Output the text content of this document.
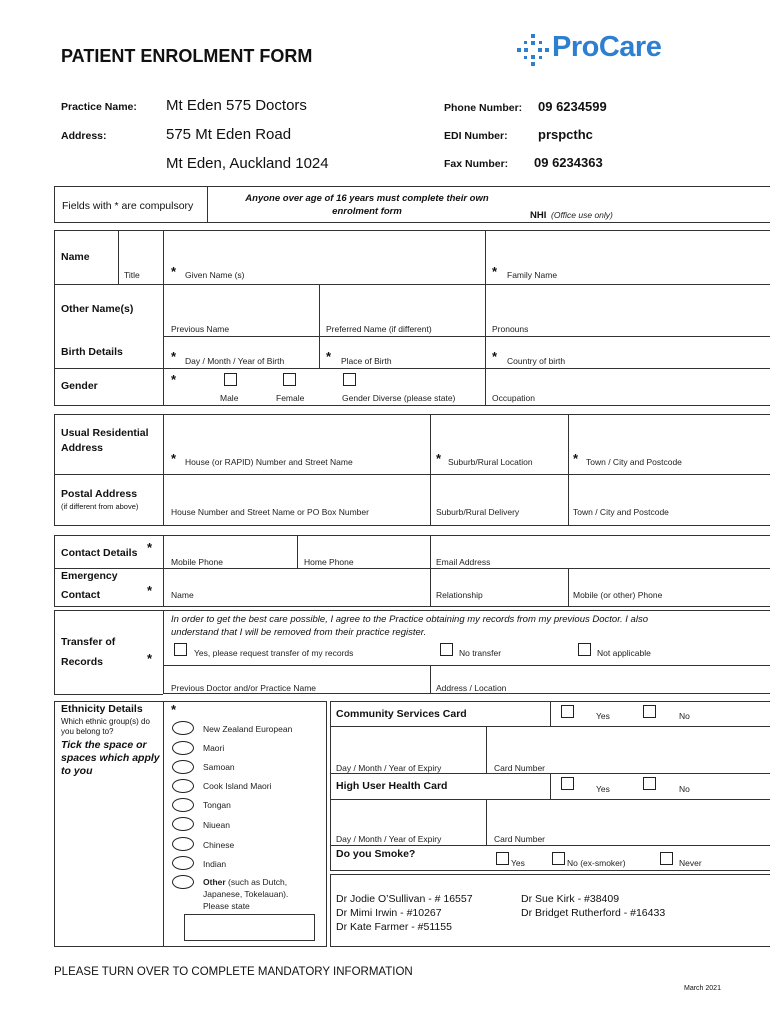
PATIENT ENROLMENT FORM	ProCare
Practice Name: Mt Eden 575 Doctors
Address:	575 Mt Eden Road
Mt Eden, Auckland 1024
Phone Number: 09 6234599
EDI Number: prspcthc
Fax Number: 09 6234363
Fields with * are compulsory
Anyone over age of 16 years must complete their own
enrolment form	NHI (Office use only)
Name
Title * Given Name (s)	* Family Name
Other Name(s)
Previous Name	Preferred Name (if different)	Pronouns
Birth Details	* Day / Month / Year of Birth	* Place of Birth	* Country of birth
Gender	*
Male	Female	Gender Diverse (please state)	Occupation
Usual Residential
Address
* House (or RAPID) Number and Street Name	* Suburb/Rural Location	* Town / City and Postcode
Postal Address
(if different from above)
House Number and Street Name or PO Box Number	Suburb/Rural Delivery	Town / City and Postcode
Contact Details *
Mobile Phone	Home Phone	Email Address
Emergency
Contact	* Name	Relationship	Mobile (or other) Phone
Transfer of
Records	*
In order to get the best care possible, I agree to the Practice obtaining my records from my previous Doctor. I also
understand that I will be removed from their practice register.
Yes, please request transfer of my records	No transfer	Not applicable
Previous Doctor and/or Practice Name	Address / Location
Ethnicity Details
Which ethnic group(s) do
you belong to?
Tick the space or
spaces which apply
to you
*
New Zealand European
Maori
Samoan
Cook Island Maori
Tongan
Niuean
Chinese
Indian
Other (such as Dutch,
Japanese, Tokelauan).
Please state
Community Services Card	Yes	No
Day / Month / Year of Expiry	Card Number
High User Health Card	Yes	No
Day / Month / Year of Expiry	Card Number
Do you Smoke?
Yes	No (ex-smoker)	Never
Dr Jodie O’Sullivan - # 16557
Dr Mimi Irwin - #10267
Dr Kate Farmer - #51155
Dr Sue Kirk - #38409
Dr Bridget Rutherford - #16433
PLEASE TURN OVER TO COMPLETE MANDATORY INFORMATION
March 2021
